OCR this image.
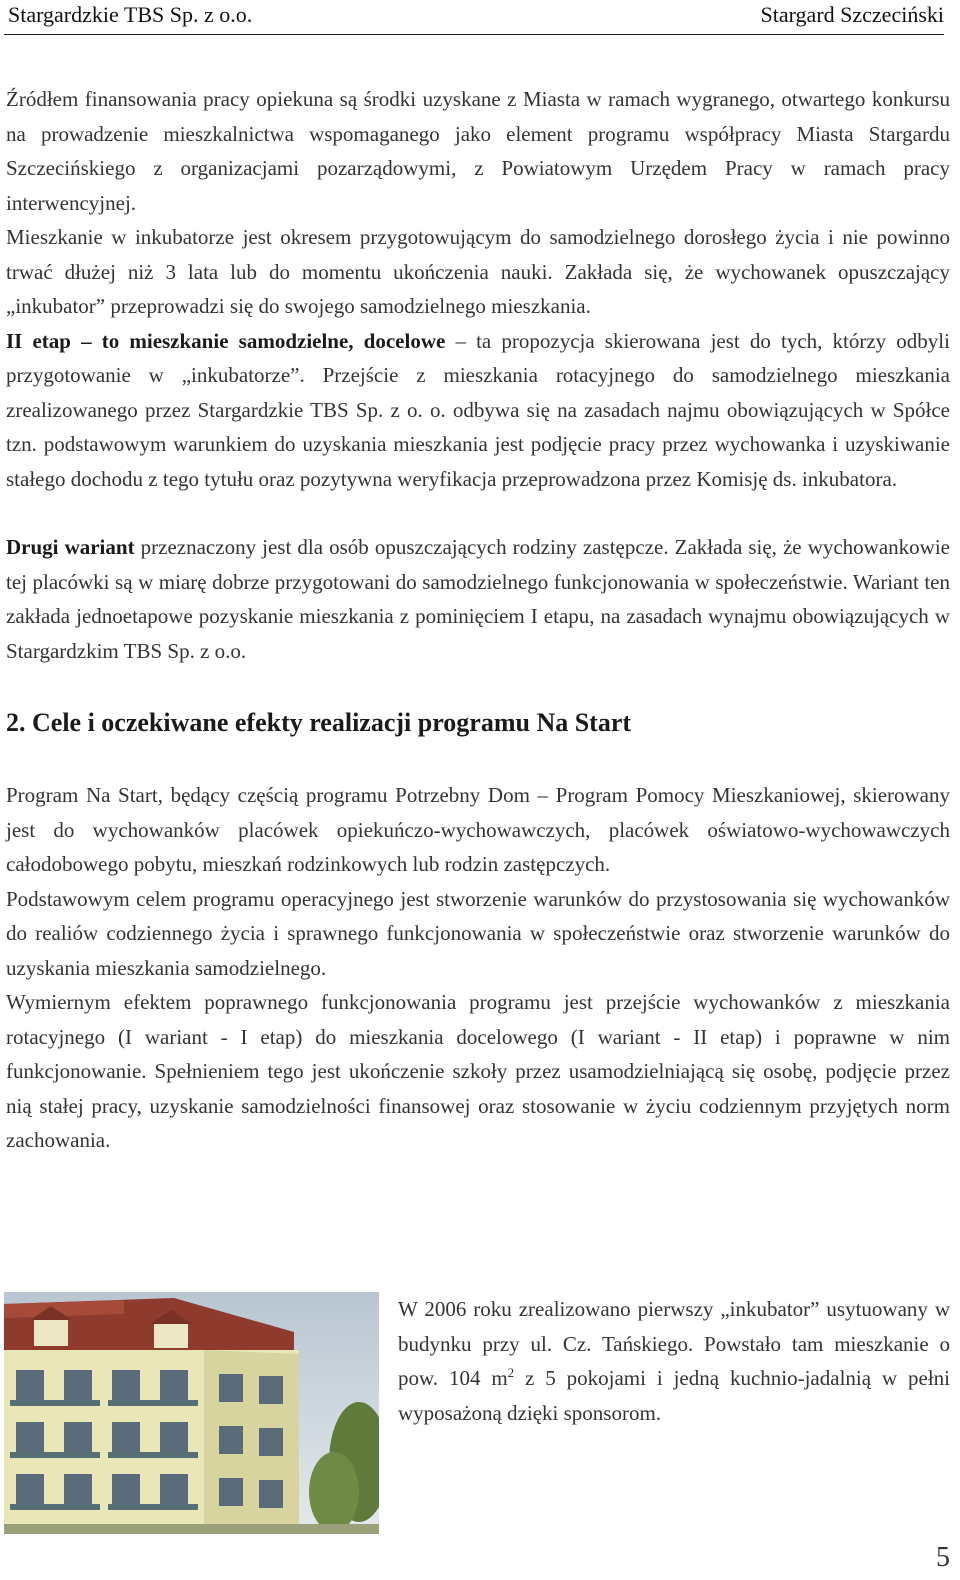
Stargardzkie TBS Sp. z o.o.	Stargard Szczeciński

Źródłem finansowania pracy opiekuna są środki uzyskane z Miasta w ramach wygranego, otwartego konkursu na prowadzenie mieszkalnictwa wspomaganego jako element programu współpracy Miasta Stargardu Szczecińskiego z organizacjami pozarządowymi, z Powiatowym Urzędem Pracy w ramach pracy interwencyjnej.

Mieszkanie w inkubatorze jest okresem przygotowującym do samodzielnego dorosłego życia i nie powinno trwać dłużej niż 3 lata lub do momentu ukończenia nauki. Zakłada się, że wychowanek opuszczający „inkubator” przeprowadzi się do swojego samodzielnego mieszkania.

II etap – to mieszkanie samodzielne, docelowe – ta propozycja skierowana jest do tych, którzy odbyli przygotowanie w „inkubatorze”. Przejście z mieszkania rotacyjnego do samodzielnego mieszkania zrealizowanego przez Stargardzkie TBS Sp. z o. o. odbywa się na zasadach najmu obowiązujących w Spółce tzn. podstawowym warunkiem do uzyskania mieszkania jest podjęcie pracy przez wychowanka i uzyskiwanie stałego dochodu z tego tytułu oraz pozytywna weryfikacja przeprowadzona przez Komisję ds. inkubatora.

Drugi wariant przeznaczony jest dla osób opuszczających rodziny zastępcze. Zakłada się, że wychowankowie tej placówki są w miarę dobrze przygotowani do samodzielnego funkcjonowania w społeczeństwie. Wariant ten zakłada jednoetapowe pozyskanie mieszkania z pominięciem I etapu, na zasadach wynajmu obowiązujących w Stargardzkim TBS Sp. z o.o.

2. Cele i oczekiwane efekty realizacji programu Na Start

Program Na Start, będący częścią programu Potrzebny Dom – Program Pomocy Mieszkaniowej, skierowany jest do wychowanków placówek opiekuńczo-wychowawczych, placówek oświatowo-wychowawczych całodobowego pobytu, mieszkań rodzinkowych lub rodzin zastępczych.

Podstawowym celem programu operacyjnego jest stworzenie warunków do przystosowania się wychowanków do realiów codziennego życia i sprawnego funkcjonowania w społeczeństwie oraz stworzenie warunków do uzyskania mieszkania samodzielnego.

Wymiernym efektem poprawnego funkcjonowania programu jest przejście wychowanków z mieszkania rotacyjnego (I wariant - I etap) do mieszkania docelowego (I wariant - II etap) i poprawne w nim funkcjonowanie. Spełnieniem tego jest ukończenie szkoły przez usamodzielniającą się osobę, podjęcie przez nią stałej pracy, uzyskanie samodzielności finansowej oraz stosowanie w życiu codziennym przyjętych norm zachowania.

W 2006 roku zrealizowano pierwszy „inkubator” usytuowany w budynku przy ul. Cz. Tańskiego. Powstało tam mieszkanie o pow. 104 $m^2$ z 5 pokojami i jedną kuchnio-jadalnią w pełni wyposażoną dzięki sponsorom.

5
